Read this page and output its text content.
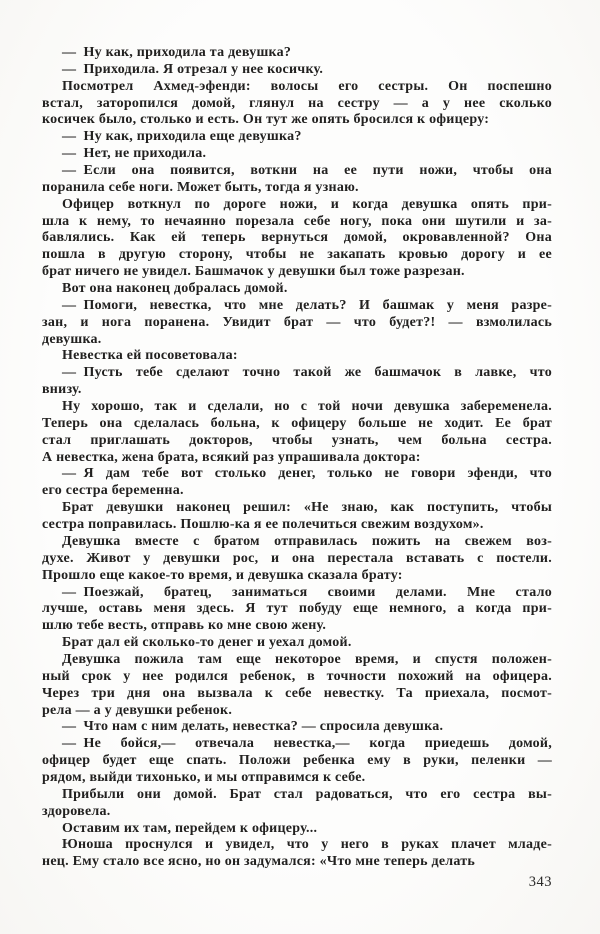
— Ну как, приходила та девушка?
— Приходила. Я отрезал у нее косичку.
Посмотрел Ахмед-эфенди: волосы его сестры. Он поспешно
встал, заторопился домой, глянул на сестру — а у нее сколько
косичек было, столько и есть. Он тут же опять бросился к офицеру:
— Ну как, приходила еще девушка?
— Нет, не приходила.
— Если она появится, воткни на ее пути ножи, чтобы она
поранила себе ноги. Может быть, тогда я узнаю.
Офицер воткнул по дороге ножи, и когда девушка опять при-
шла к нему, то нечаянно порезала себе ногу, пока они шутили и за-
бавлялись. Как ей теперь вернуться домой, окровавленной? Она
пошла в другую сторону, чтобы не закапать кровью дорогу и ее
брат ничего не увидел. Башмачок у девушки был тоже разрезан.
Вот она наконец добралась домой.
— Помоги, невестка, что мне делать? И башмак у меня разре-
зан, и нога поранена. Увидит брат — что будет?! — взмолилась
девушка.
Невестка ей посоветовала:
— Пусть тебе сделают точно такой же башмачок в лавке, что
внизу.
Ну хорошо, так и сделали, но с той ночи девушка забеременела.
Теперь она сделалась больна, к офицеру больше не ходит. Ее брат
стал приглашать докторов, чтобы узнать, чем больна сестра.
А невестка, жена брата, всякий раз упрашивала доктора:
— Я дам тебе вот столько денег, только не говори эфенди, что
его сестра беременна.
Брат девушки наконец решил: «Не знаю, как поступить, чтобы
сестра поправилась. Пошлю-ка я ее полечиться свежим воздухом».
Девушка вместе с братом отправилась пожить на свежем воз-
духе. Живот у девушки рос, и она перестала вставать с постели.
Прошло еще какое-то время, и девушка сказала брату:
— Поезжай, братец, заниматься своими делами. Мне стало
лучше, оставь меня здесь. Я тут побуду еще немного, а когда при-
шлю тебе весть, отправь ко мне свою жену.
Брат дал ей сколько-то денег и уехал домой.
Девушка пожила там еще некоторое время, и спустя положен-
ный срок у нее родился ребенок, в точности похожий на офицера.
Через три дня она вызвала к себе невестку. Та приехала, посмот-
рела — а у девушки ребенок.
— Что нам с ним делать, невестка? — спросила девушка.
— Не бойся,— отвечала невестка,— когда приедешь домой,
офицер будет еще спать. Положи ребенка ему в руки, пеленки —
рядом, выйди тихонько, и мы отправимся к себе.
Прибыли они домой. Брат стал радоваться, что его сестра вы-
здоровела.
Оставим их там, перейдем к офицеру...
Юноша проснулся и увидел, что у него в руках плачет младе-
нец. Ему стало все ясно, но он задумался: «Что мне теперь делать
343
